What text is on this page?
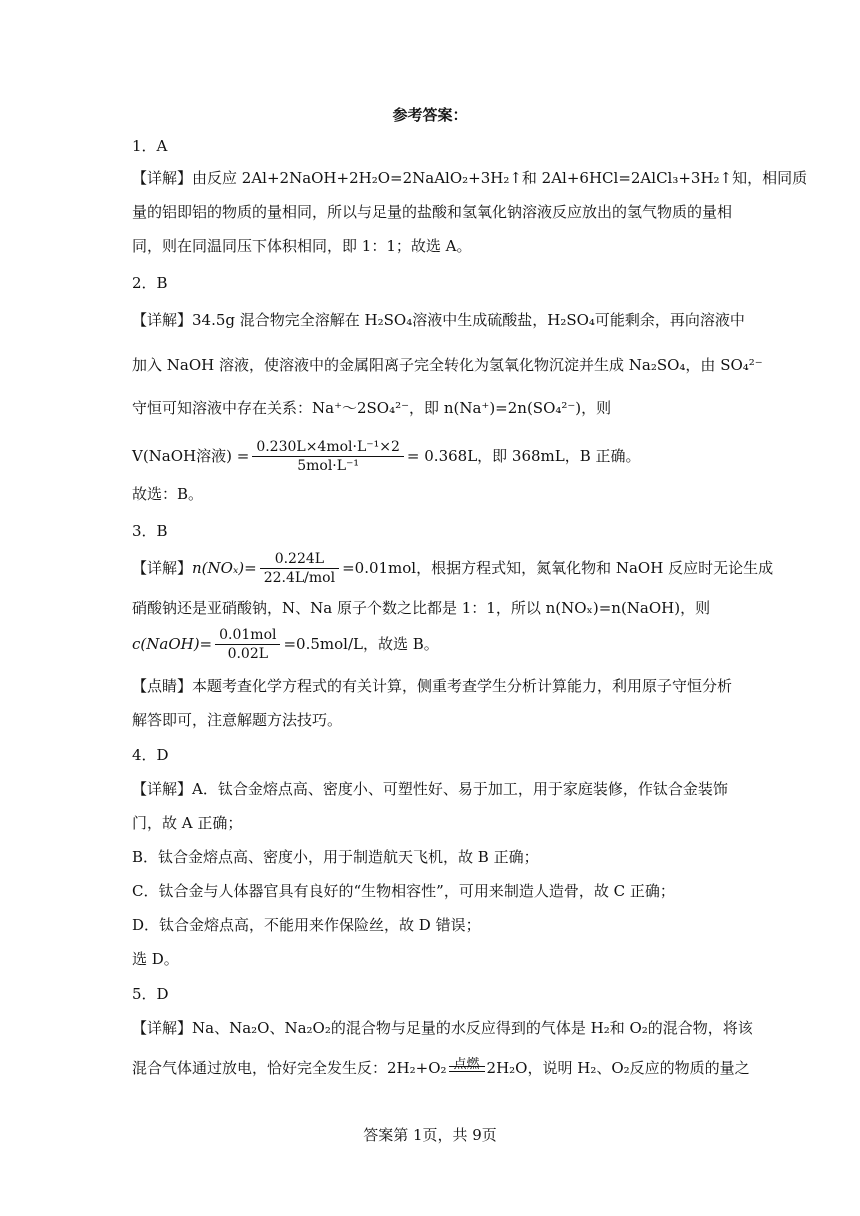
参考答案：
1．A
【详解】由反应 2Al+2NaOH+2H₂O=2NaAlO₂+3H₂↑和 2Al+6HCl=2AlCl₃+3H₂↑知，相同质
量的铝即铝的物质的量相同，所以与足量的盐酸和氢氧化钠溶液反应放出的氢气物质的量相
同，则在同温同压下体积相同，即 1：1；故选 A。
2．B
【详解】34.5g 混合物完全溶解在 H₂SO₄溶液中生成硫酸盐，H₂SO₄可能剩余，再向溶液中
加入 NaOH 溶液，使溶液中的金属阳离子完全转化为氢氧化物沉淀并生成 Na₂SO₄，由 SO₄²⁻
守恒可知溶液中存在关系：Na⁺～2SO₄²⁻，即 n(Na⁺)=2n(SO₄²⁻)，则
V(NaOH溶液) = $\frac{\text{0.230L×4mol·L⁻¹×2}}{\text{5mol·L⁻¹}} = 0.368L$，即 368mL，B 正确。
故选：B。
3．B
【详解】 $n(NO_x)= \frac{0.224L}{\text{22.4L/mol}} =0.01mol$，根据方程式知，氮氧化物和 NaOH 反应时无论生成
硝酸钠还是亚硝酸钠，N、Na 原子个数之比都是 1：1，所以 n(NOₓ)=n(NaOH)，则
c(NaOH)= $\frac{\text{0.01mol}}{0.02L} =0.5mol/L$，故选 B。
【点睛】本题考查化学方程式的有关计算，侧重考查学生分析计算能力，利用原子守恒分析
解答即可，注意解题方法技巧。
4．D
【详解】A．钛合金熔点高、密度小、可塑性好、易于加工，用于家庭装修，作钛合金装饰
门，故 A 正确；
B．钛合金熔点高、密度小，用于制造航天飞机，故 B 正确；
C．钛合金与人体器官具有良好的“生物相容性”，可用来制造人造骨，故 C 正确；
D．钛合金熔点高，不能用来作保险丝，故 D 错误；
选 D。
5．D
【详解】Na、Na₂O、Na₂O₂的混合物与足量的水反应得到的气体是 H₂和 O₂的混合物，将该
混合气体通过放电，恰好完全发生反：2H₂+O₂ 点燃 2H₂O，说明 H₂、O₂反应的物质的量之
答案第 1页，共 9页
